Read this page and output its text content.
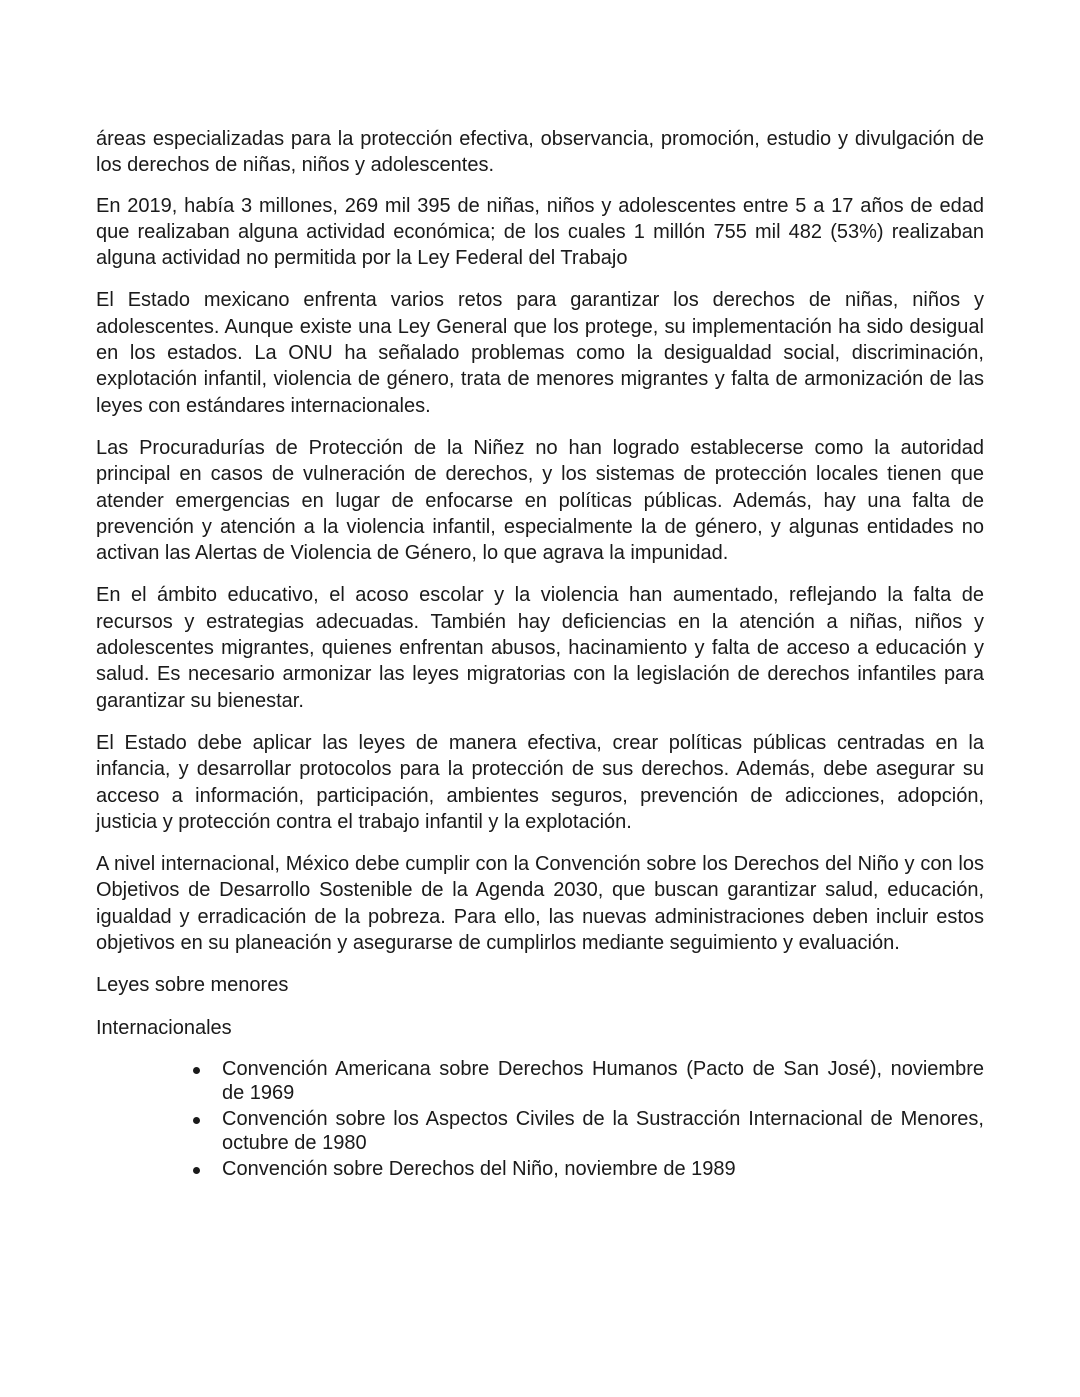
áreas especializadas para la protección efectiva, observancia, promoción, estudio y divulgación de los derechos de niñas, niños y adolescentes.

En 2019, había 3 millones, 269 mil 395 de niñas, niños y adolescentes entre 5 a 17 años de edad que realizaban alguna actividad económica; de los cuales 1 millón 755 mil 482 (53%) realizaban alguna actividad no permitida por la Ley Federal del Trabajo

El Estado mexicano enfrenta varios retos para garantizar los derechos de niñas, niños y adolescentes. Aunque existe una Ley General que los protege, su implementación ha sido desigual en los estados. La ONU ha señalado problemas como la desigualdad social, discriminación, explotación infantil, violencia de género, trata de menores migrantes y falta de armonización de las leyes con estándares internacionales.

Las Procuradurías de Protección de la Niñez no han logrado establecerse como la autoridad principal en casos de vulneración de derechos, y los sistemas de protección locales tienen que atender emergencias en lugar de enfocarse en políticas públicas. Además, hay una falta de prevención y atención a la violencia infantil, especialmente la de género, y algunas entidades no activan las Alertas de Violencia de Género, lo que agrava la impunidad.

En el ámbito educativo, el acoso escolar y la violencia han aumentado, reflejando la falta de recursos y estrategias adecuadas. También hay deficiencias en la atención a niñas, niños y adolescentes migrantes, quienes enfrentan abusos, hacinamiento y falta de acceso a educación y salud. Es necesario armonizar las leyes migratorias con la legislación de derechos infantiles para garantizar su bienestar.

El Estado debe aplicar las leyes de manera efectiva, crear políticas públicas centradas en la infancia, y desarrollar protocolos para la protección de sus derechos. Además, debe asegurar su acceso a información, participación, ambientes seguros, prevención de adicciones, adopción, justicia y protección contra el trabajo infantil y la explotación.

A nivel internacional, México debe cumplir con la Convención sobre los Derechos del Niño y con los Objetivos de Desarrollo Sostenible de la Agenda 2030, que buscan garantizar salud, educación, igualdad y erradicación de la pobreza. Para ello, las nuevas administraciones deben incluir estos objetivos en su planeación y asegurarse de cumplirlos mediante seguimiento y evaluación.

Leyes sobre menores

Internacionales

Convención Americana sobre Derechos Humanos (Pacto de San José), noviembre de 1969
Convención sobre los Aspectos Civiles de la Sustracción Internacional de Menores, octubre de 1980
Convención sobre Derechos del Niño, noviembre de 1989
